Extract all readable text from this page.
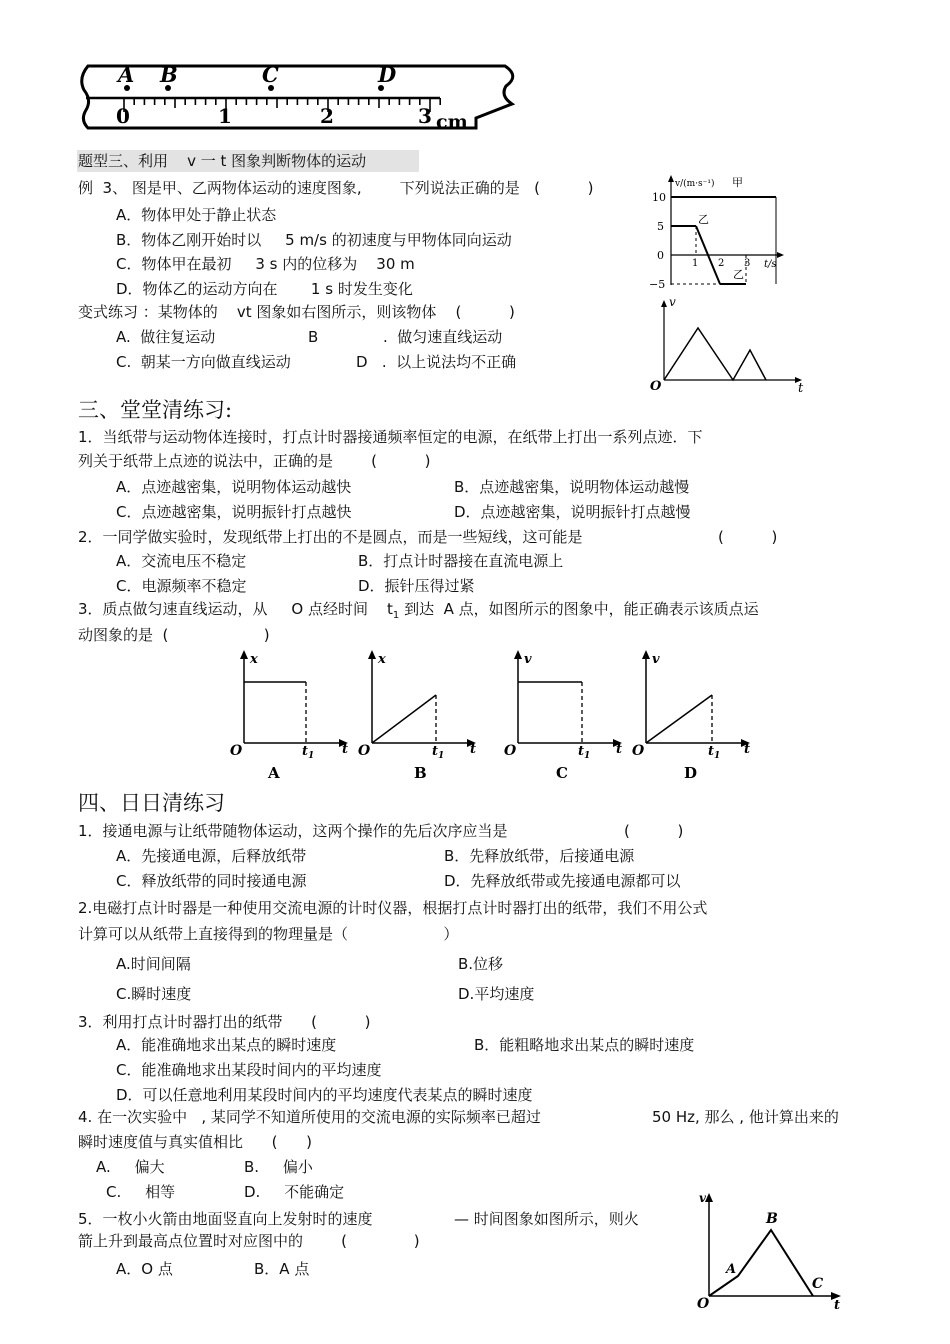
A B	C	D
0	1	2	3 cm
题型三、利用    v 一 t 图象判断物体的运动
例  3、 图是甲、乙两物体运动的速度图象,        下列说法正确的是   (          )
A．物体甲处于静止状态
B．物体乙刚开始时以     5 m/s 的初速度与甲物体同向运动
C．物体甲在最初     3 s 内的位移为    30 m
D．物体乙的运动方向在       1 s 时发生变化
v/(m·s⁻¹) 甲
乙
乙
t/s
10
5
0
−5
1 2 3
变式练习 ：某物体的    vt 图象如右图所示，则该物体    (          )
A.  做往复运动	B	.  做匀速直线运动
C.  朝某一方向做直线运动	D   .  以上说法均不正确
v
O	t
三、堂堂清练习:
1．当纸带与运动物体连接时，打点计时器接通频率恒定的电源，在纸带上打出一系列点迹．下
列关于纸带上点迹的说法中，正确的是        (          )
A．点迹越密集，说明物体运动越快	B．点迹越密集，说明物体运动越慢
C．点迹越密集，说明振针打点越快	D．点迹越密集，说明振针打点越慢
2．一同学做实验时，发现纸带上打出的不是圆点，而是一些短线，这可能是	(          )
A．交流电压不稳定	B．打点计时器接在直流电源上
C．电源频率不稳定	D．振针压得过紧
3．质点做匀速直线运动，从     O 点经时间    $t_1$ 到达  A 点，如图所示的图象中，能正确表示该质点运
动图象的是  (                    )
x
O	$t_1$ t
A
x
O	$t_1$ t
B
v
O	$t_1$ t
C
v
O	$t_1$ t
D
四、日日清练习
1．接通电源与让纸带随物体运动，这两个操作的先后次序应当是	(          )
A．先接通电源，后释放纸带	B．先释放纸带，后接通电源
C．释放纸带的同时接通电源	D．先释放纸带或先接通电源都可以
2.电磁打点计时器是一种使用交流电源的计时仪器，根据打点计时器打出的纸带，我们不用公式
计算可以从纸带上直接得到的物理量是（                    ）
A.时间间隔	B.位移
C.瞬时速度	D.平均速度
3．利用打点计时器打出的纸带      (          )
A．能准确地求出某点的瞬时速度	B．能粗略地求出某点的瞬时速度
C．能准确地求出某段时间内的平均速度
D．可以任意地利用某段时间内的平均速度代表某点的瞬时速度
4. 在一次实验中   , 某同学不知道所使用的交流电源的实际频率已超过	50 Hz, 那么 , 他计算出来的
瞬时速度值与真实值相比      (      )
A.     偏大	B.     偏小
C.     相等	D.     不能确定
5．一枚小火箭由地面竖直向上发射时的速度	— 时间图象如图所示，则火
箭上升到最高点位置时对应图中的        (              )
A．O 点	B．A 点
v
O	t
A
B
C
